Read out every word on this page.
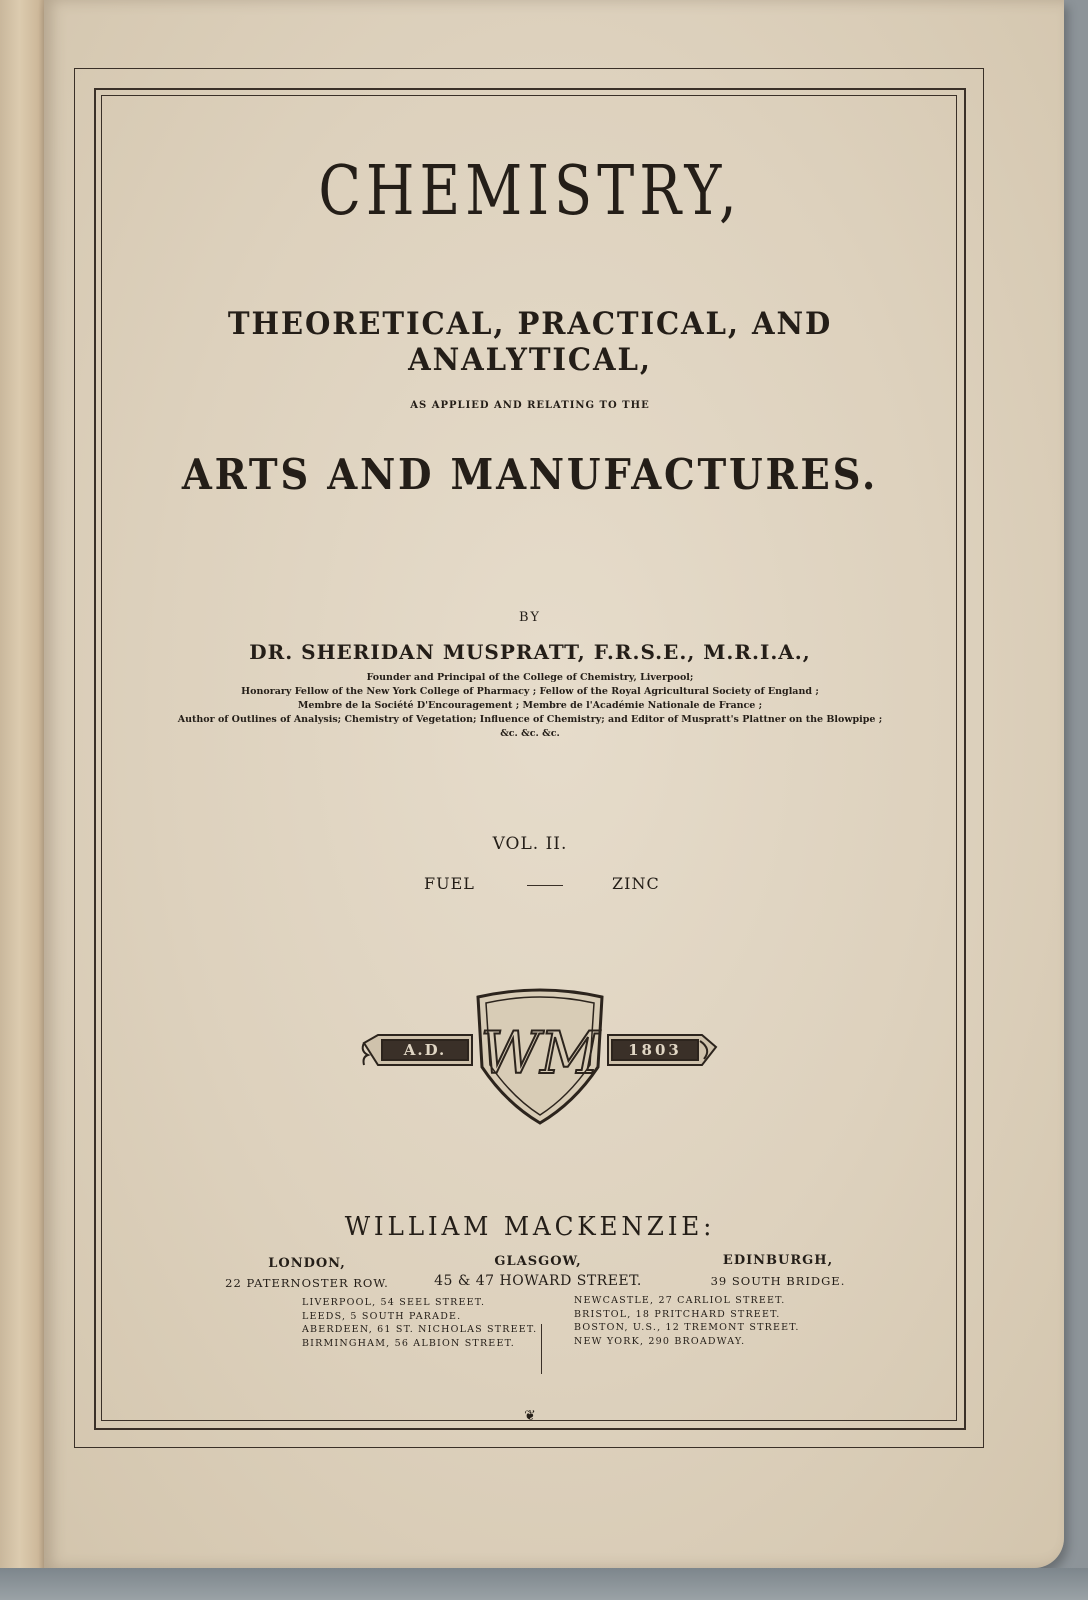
CHEMISTRY,
THEORETICAL, PRACTICAL, AND ANALYTICAL,
AS APPLIED AND RELATING TO THE
ARTS AND MANUFACTURES.
BY
DR. SHERIDAN MUSPRATT, F.R.S.E., M.R.I.A.,
Founder and Principal of the College of Chemistry, Liverpool;
Honorary Fellow of the New York College of Pharmacy ; Fellow of the Royal Agricultural Society of England ;
Membre de la Société D'Encouragement ; Membre de l'Académie Nationale de France ;
Author of Outlines of Analysis; Chemistry of Vegetation; Influence of Chemistry; and Editor of Muspratt's Plattner on the Blowpipe ;
&c. &c. &c.
VOL. II.
FUEL	ZINC
A.D.	1803
WM
WILLIAM MACKENZIE:
LONDON,
22 PATERNOSTER ROW.
GLASGOW,
45 & 47 HOWARD STREET.
EDINBURGH,
39 SOUTH BRIDGE.
LIVERPOOL, 54 SEEL STREET.
LEEDS, 5 SOUTH PARADE.
ABERDEEN, 61 ST. NICHOLAS STREET.
BIRMINGHAM, 56 ALBION STREET.
NEWCASTLE, 27 CARLIOL STREET.
BRISTOL, 18 PRITCHARD STREET.
BOSTON, U.S., 12 TREMONT STREET.
NEW YORK, 290 BROADWAY.
❦
